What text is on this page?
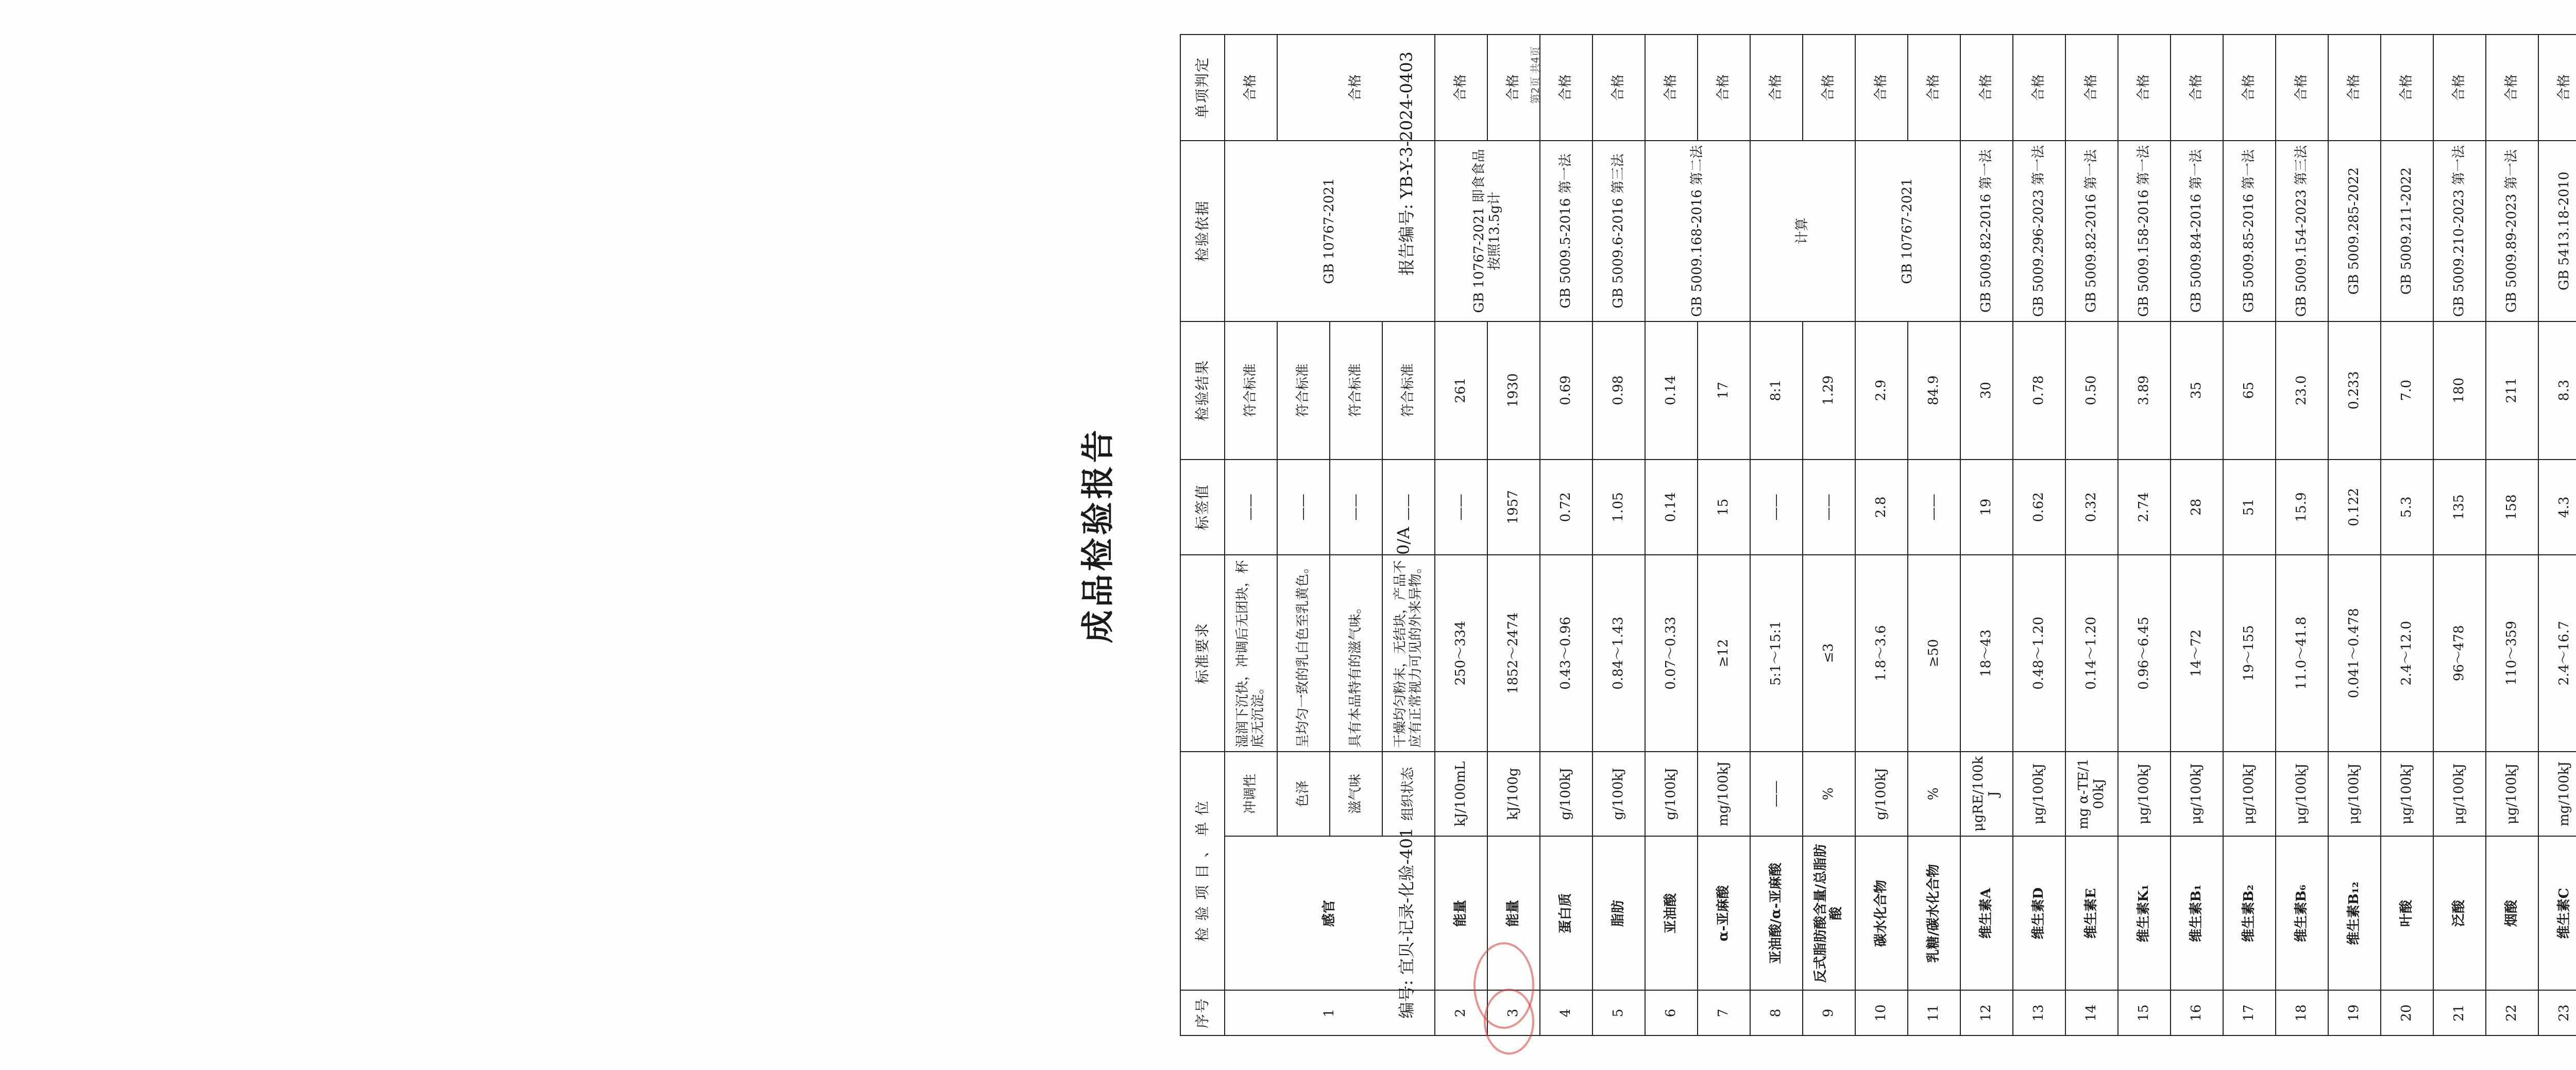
成品检验报告
编号: 宜贝-记录-化验-401
0/A
报告编号: YB-Y-3-2024-0403
序号	检 验 项 目 、 单 位		标准要求	标签值	检验结果	检验依据	单项判定
1	感官	冲调性	湿润下沉快，冲调后无团块，杯底无沉淀。	——	符合标准	GB 10767-2021	合格
		色泽	呈均匀一致的乳白色至乳黄色。	——	符合标准		合格
		滋气味	具有本品特有的滋气味。	——	符合标准		
		组织状态	干燥均匀粉末，无结块，产品不应有正常视力可见的外来异物。	——	符合标准		
2	能量	kJ/100mL	250～334	——	261	GB 10767-2021 即食食品按照13.5g计	合格
3	能量	kJ/100g	1852～2474	1957	1930		合格
4	蛋白质	g/100kJ	0.43～0.96	0.72	0.69	GB 5009.5-2016 第一法	合格
5	脂肪	g/100kJ	0.84～1.43	1.05	0.98	GB 5009.6-2016 第三法	合格
6	亚油酸	g/100kJ	0.07～0.33	0.14	0.14	GB 5009.168-2016 第二法	合格
7	α-亚麻酸	mg/100kJ	≥12	15	17		合格
8	亚油酸/α-亚麻酸	——	5:1～15:1	——	8:1	计算	合格
9	反式脂肪酸含量/总脂肪酸	%	≤3	——	1.29		合格
10	碳水化合物	g/100kJ	1.8～3.6	2.8	2.9	GB 10767-2021	合格
11	乳糖/碳水化合物	%	≥50	——	84.9		合格
12	维生素A	μgRE/100kJ	18～43	19	30	GB 5009.82-2016 第一法	合格
13	维生素D	μg/100kJ	0.48～1.20	0.62	0.78	GB 5009.296-2023 第一法	合格
14	维生素E	mg α-TE/100kJ	0.14～1.20	0.32	0.50	GB 5009.82-2016 第一法	合格
15	维生素K₁	μg/100kJ	0.96～6.45	2.74	3.89	GB 5009.158-2016 第一法	合格
16	维生素B₁	μg/100kJ	14～72	28	35	GB 5009.84-2016 第一法	合格
17	维生素B₂	μg/100kJ	19～155	51	65	GB 5009.85-2016 第一法	合格
18	维生素B₆	μg/100kJ	11.0～41.8	15.9	23.0	GB 5009.154-2023 第三法	合格
19	维生素B₁₂	μg/100kJ	0.041～0.478	0.122	0.233	GB 5009.285-2022	合格
20	叶酸	μg/100kJ	2.4～12.0	5.3	7.0	GB 5009.211-2022	合格
21	泛酸	μg/100kJ	96～478	135	180	GB 5009.210-2023 第一法	合格
22	烟酸	μg/100kJ	110～359	158	211	GB 5009.89-2023 第一法	合格
23	维生素C	mg/100kJ	2.4～16.7	4.3	8.3	GB 5413.18-2010	合格
第2页 共4页
